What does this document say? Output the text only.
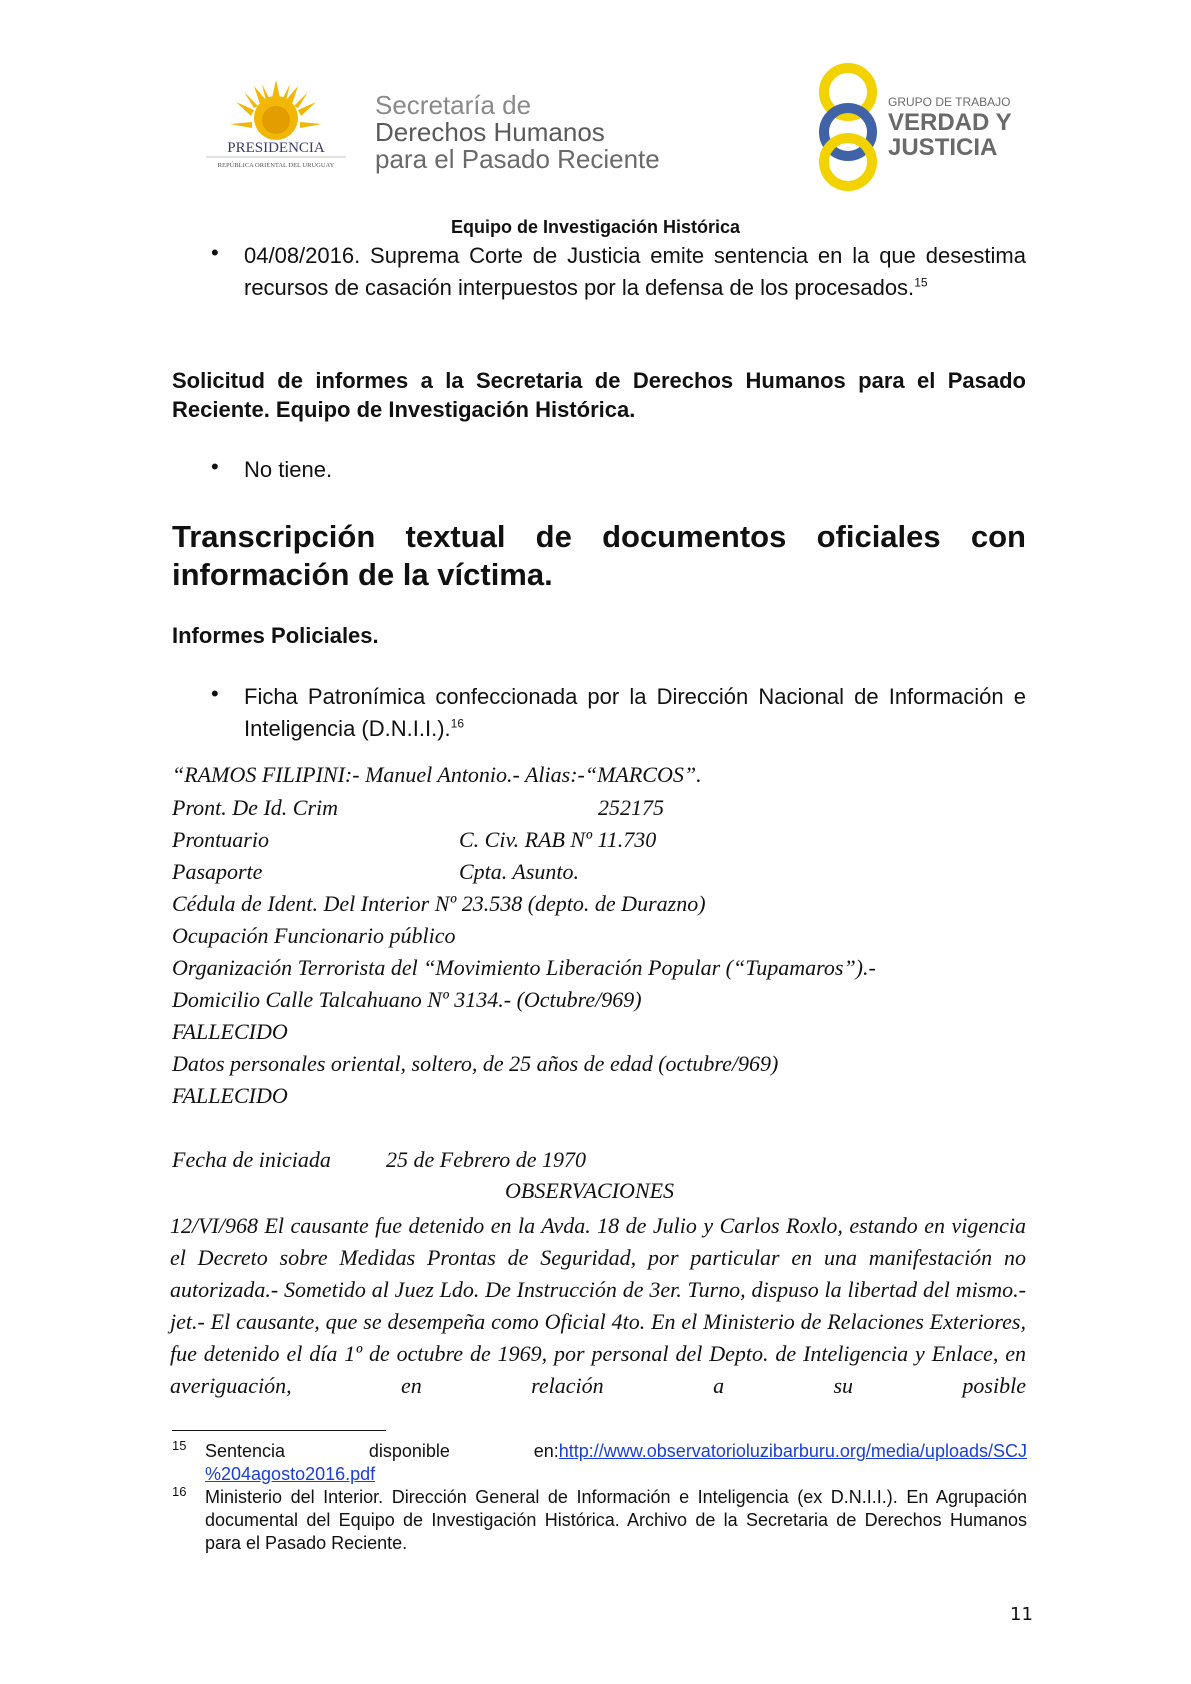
PRESIDENCIA
REPÚBLICA ORIENTAL DEL URUGUAY
Secretaría de
Derechos Humanos
para el Pasado Reciente
GRUPO DE TRABAJO
VERDAD Y
JUSTICIA
Equipo de Investigación Histórica
• 04/08/2016. Suprema Corte de Justicia emite sentencia en la que desestima recursos de casación interpuestos por la defensa de los procesados.$^{15}$
Solicitud de informes a la Secretaria de Derechos Humanos para el Pasado Reciente. Equipo de Investigación Histórica.
• No tiene.
Transcripción textual de documentos oficiales con información de la víctima.
Informes Policiales.
• Ficha Patronímica confeccionada por la Dirección Nacional de Información e Inteligencia (D.N.I.I.).$^{16}$
“RAMOS FILIPINI:- Manuel Antonio.- Alias:-“MARCOS”.
Pront. De Id. Crim	252175
Prontuario	C. Civ. RAB Nº 11.730
Pasaporte	Cpta. Asunto.
Cédula de Ident. Del Interior Nº 23.538 (depto. de Durazno)
Ocupación Funcionario público
Organización Terrorista del “Movimiento Liberación Popular (“Tupamaros”).-
Domicilio Calle Talcahuano Nº 3134.- (Octubre/969)
FALLECIDO
Datos personales oriental, soltero, de 25 años de edad (octubre/969)
FALLECIDO
Fecha de iniciada	25 de Febrero de 1970
OBSERVACIONES
12/VI/968 El causante fue detenido en la Avda. 18 de Julio y Carlos Roxlo, estando en vigencia el Decreto sobre Medidas Prontas de Seguridad, por particular en una manifestación no autorizada.- Sometido al Juez Ldo. De Instrucción de 3er. Turno, dispuso la libertad del mismo.-jet.- El causante, que se desempeña como Oficial 4to. En el Ministerio de Relaciones Exteriores, fue detenido el día 1º de octubre de 1969, por personal del Depto. de Inteligencia y Enlace, en averiguación, en relación a su posible
15 Sentencia	disponible	en:http://www.observatorioluzibarburu.org/media/uploads/SCJ
%204agosto2016.pdf
16 Ministerio del Interior. Dirección General de Información e Inteligencia (ex D.N.I.I.). En Agrupación documental del Equipo de Investigación Histórica. Archivo de la Secretaria de Derechos Humanos para el Pasado Reciente.
11
